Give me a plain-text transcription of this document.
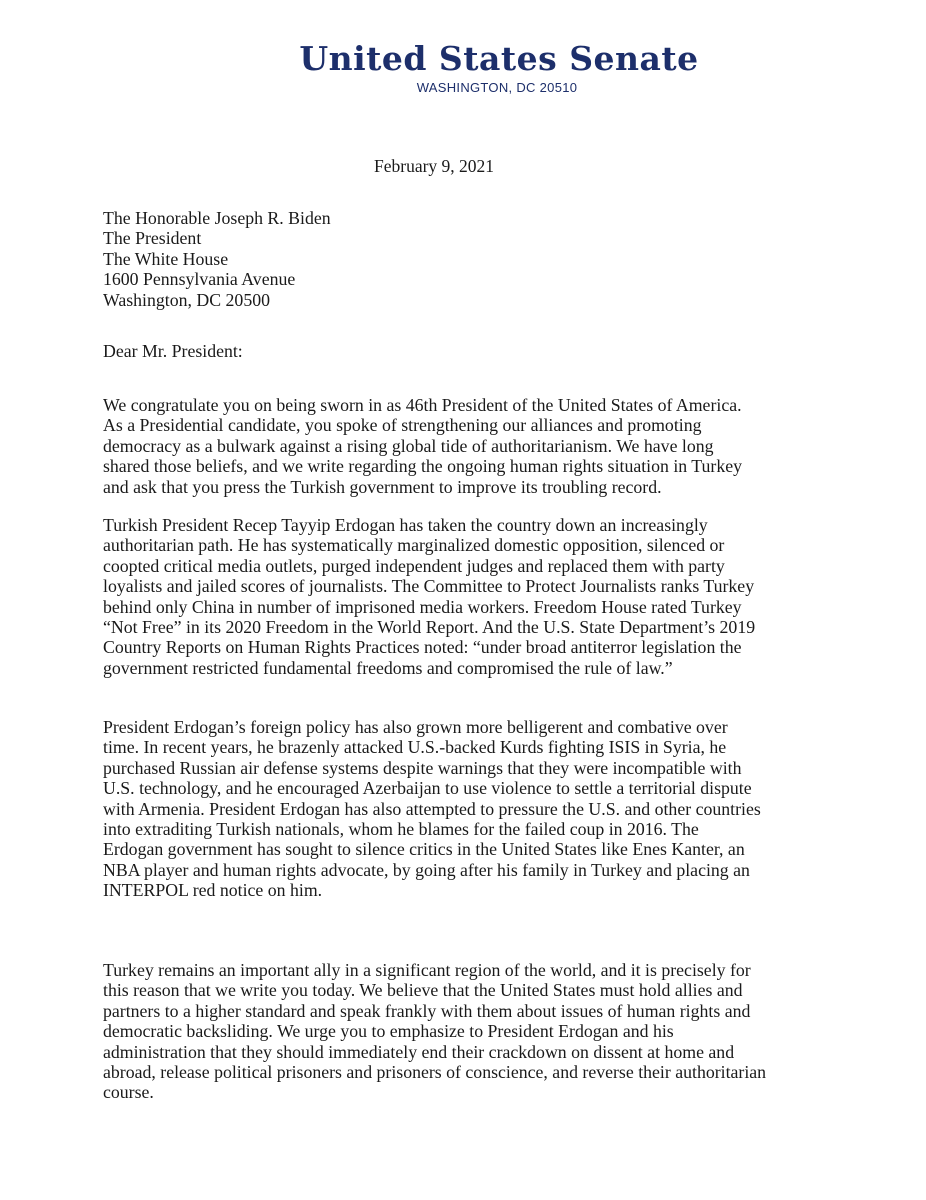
United States Senate
WASHINGTON, DC 20510
February 9, 2021
The Honorable Joseph R. Biden
The President
The White House
1600 Pennsylvania Avenue
Washington, DC 20500
Dear Mr. President:
We congratulate you on being sworn in as 46th President of the United States of America.
As a Presidential candidate, you spoke of strengthening our alliances and promoting
democracy as a bulwark against a rising global tide of authoritarianism. We have long
shared those beliefs, and we write regarding the ongoing human rights situation in Turkey
and ask that you press the Turkish government to improve its troubling record.
Turkish President Recep Tayyip Erdogan has taken the country down an increasingly
authoritarian path. He has systematically marginalized domestic opposition, silenced or
coopted critical media outlets, purged independent judges and replaced them with party
loyalists and jailed scores of journalists. The Committee to Protect Journalists ranks Turkey
behind only China in number of imprisoned media workers. Freedom House rated Turkey
“Not Free” in its 2020 Freedom in the World Report. And the U.S. State Department’s 2019
Country Reports on Human Rights Practices noted: “under broad antiterror legislation the
government restricted fundamental freedoms and compromised the rule of law.”
President Erdogan’s foreign policy has also grown more belligerent and combative over
time. In recent years, he brazenly attacked U.S.-backed Kurds fighting ISIS in Syria, he
purchased Russian air defense systems despite warnings that they were incompatible with
U.S. technology, and he encouraged Azerbaijan to use violence to settle a territorial dispute
with Armenia. President Erdogan has also attempted to pressure the U.S. and other countries
into extraditing Turkish nationals, whom he blames for the failed coup in 2016. The
Erdogan government has sought to silence critics in the United States like Enes Kanter, an
NBA player and human rights advocate, by going after his family in Turkey and placing an
INTERPOL red notice on him.
Turkey remains an important ally in a significant region of the world, and it is precisely for
this reason that we write you today. We believe that the United States must hold allies and
partners to a higher standard and speak frankly with them about issues of human rights and
democratic backsliding. We urge you to emphasize to President Erdogan and his
administration that they should immediately end their crackdown on dissent at home and
abroad, release political prisoners and prisoners of conscience, and reverse their authoritarian
course.
